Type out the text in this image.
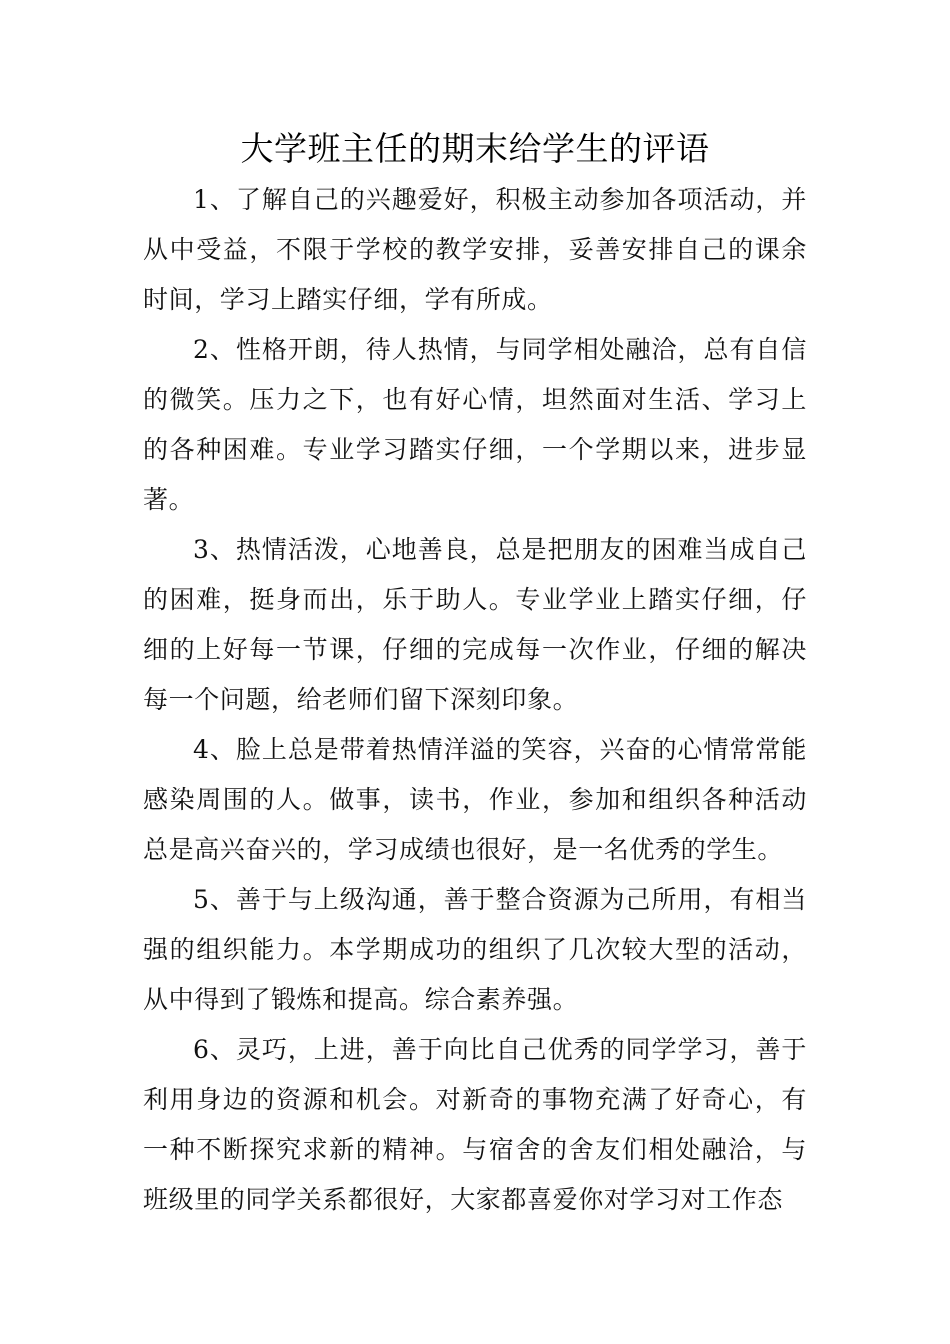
大学班主任的期末给学生的评语

1、了解自己的兴趣爱好，积极主动参加各项活动，并从中受益，不限于学校的教学安排，妥善安排自己的课余时间，学习上踏实仔细，学有所成。

2、性格开朗，待人热情，与同学相处融洽，总有自信的微笑。压力之下，也有好心情，坦然面对生活、学习上的各种困难。专业学习踏实仔细，一个学期以来，进步显著。

3、热情活泼，心地善良，总是把朋友的困难当成自己的困难，挺身而出，乐于助人。专业学业上踏实仔细，仔细的上好每一节课，仔细的完成每一次作业，仔细的解决每一个问题，给老师们留下深刻印象。

4、脸上总是带着热情洋溢的笑容，兴奋的心情常常能感染周围的人。做事，读书，作业，参加和组织各种活动总是高兴奋兴的，学习成绩也很好，是一名优秀的学生。

5、善于与上级沟通，善于整合资源为己所用，有相当强的组织能力。本学期成功的组织了几次较大型的活动，从中得到了锻炼和提高。综合素养强。

6、灵巧，上进，善于向比自己优秀的同学学习，善于利用身边的资源和机会。对新奇的事物充满了好奇心，有一种不断探究求新的精神。与宿舍的舍友们相处融洽，与班级里的同学关系都很好，大家都喜爱你对学习对工作态
